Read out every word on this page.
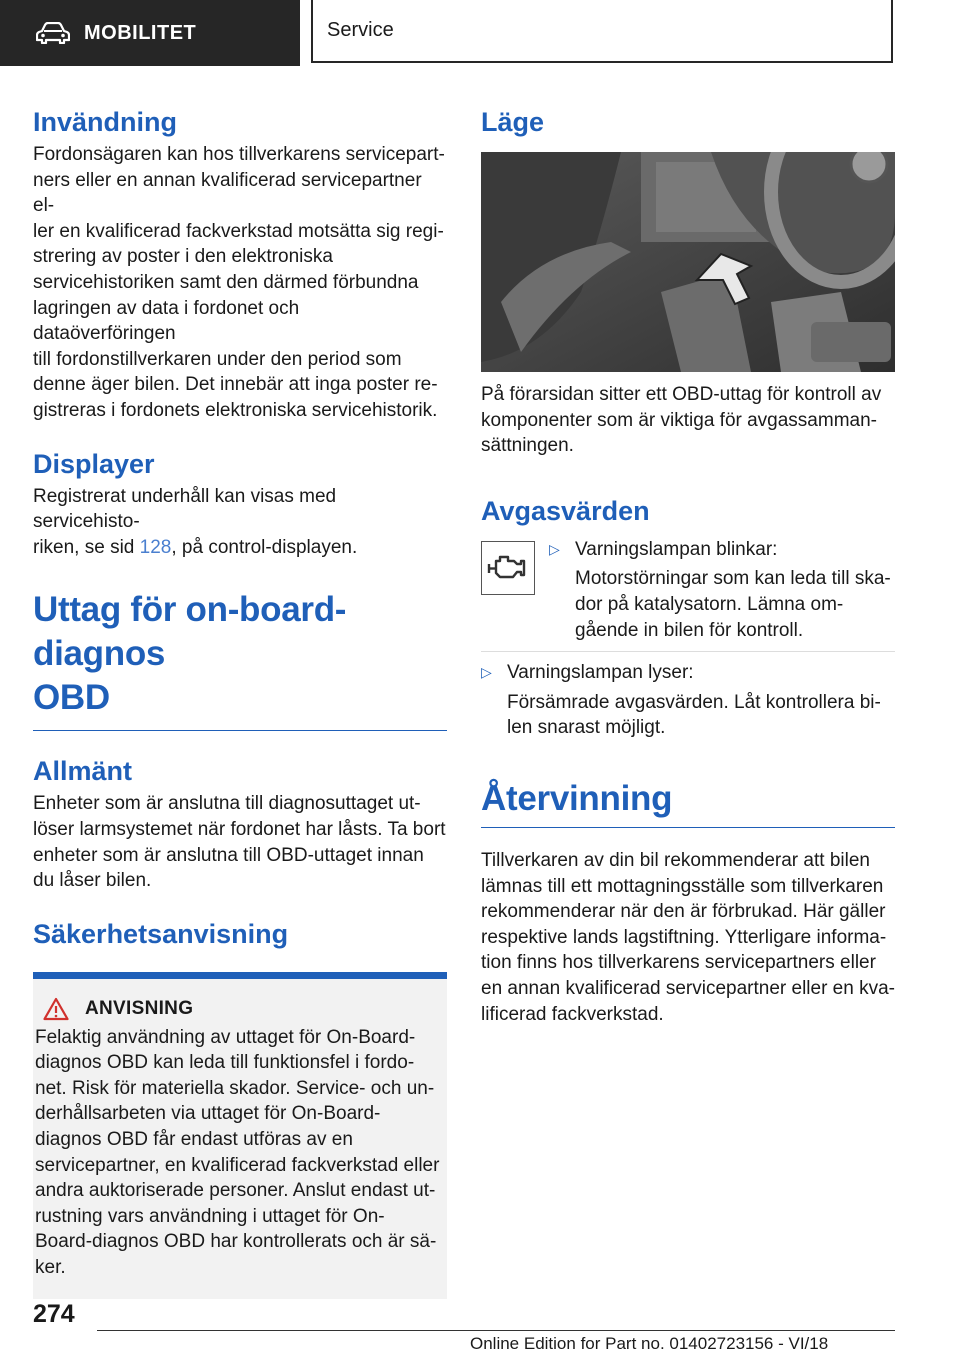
MOBILITET	Service
Invändning

Fordonsägaren kan hos tillverkarens servicepart-

ners eller en annan kvalificerad servicepartner el-

ler en kvalificerad fackverkstad motsätta sig regi-

strering av poster i den elektroniska

servicehistoriken samt den därmed förbundna

lagringen av data i fordonet och dataöverföringen

till fordonstillverkaren under den period som

denne äger bilen. Det innebär att inga poster re-

gistreras i fordonets elektroniska servicehistorik.

Displayer

Registrerat underhåll kan visas med servicehisto-

riken, se sid 128, på control-displayen.

Uttag för on-board-diagnos
OBD
Allmänt

Enheter som är anslutna till diagnosuttaget ut-

löser larmsystemet när fordonet har låsts. Ta bort

enheter som är anslutna till OBD-uttaget innan

du låser bilen.

Säkerhetsanvisning
ANVISNING

Felaktig användning av uttaget för On-Board-

diagnos OBD kan leda till funktionsfel i fordo-

net. Risk för materiella skador. Service- och un-

derhållsarbeten via uttaget för On-Board-

diagnos OBD får endast utföras av en

servicepartner, en kvalificerad fackverkstad eller

andra auktoriserade personer. Anslut endast ut-

rustning vars användning i uttaget för On-

Board-diagnos OBD har kontrollerats och är sä-

ker.

Läge

På förarsidan sitter ett OBD-uttag för kontroll av

komponenter som är viktiga för avgassamman-

sättningen.

Avgasvärden
▷ Varningslampan blinkar:

Motorstörningar som kan leda till ska-

dor på katalysatorn. Lämna om-

gående in bilen för kontroll.

▷ Varningslampan lyser:

Försämrade avgasvärden. Låt kontrollera bi-

len snarast möjligt.

Återvinning

Tillverkaren av din bil rekommenderar att bilen

lämnas till ett mottagningsställe som tillverkaren

rekommenderar när den är förbrukad. Här gäller

respektive lands lagstiftning. Ytterligare informa-

tion finns hos tillverkarens servicepartners eller

en annan kvalificerad servicepartner eller en kva-

lificerad fackverkstad.

274
Online Edition for Part no. 01402723156 - VI/18
